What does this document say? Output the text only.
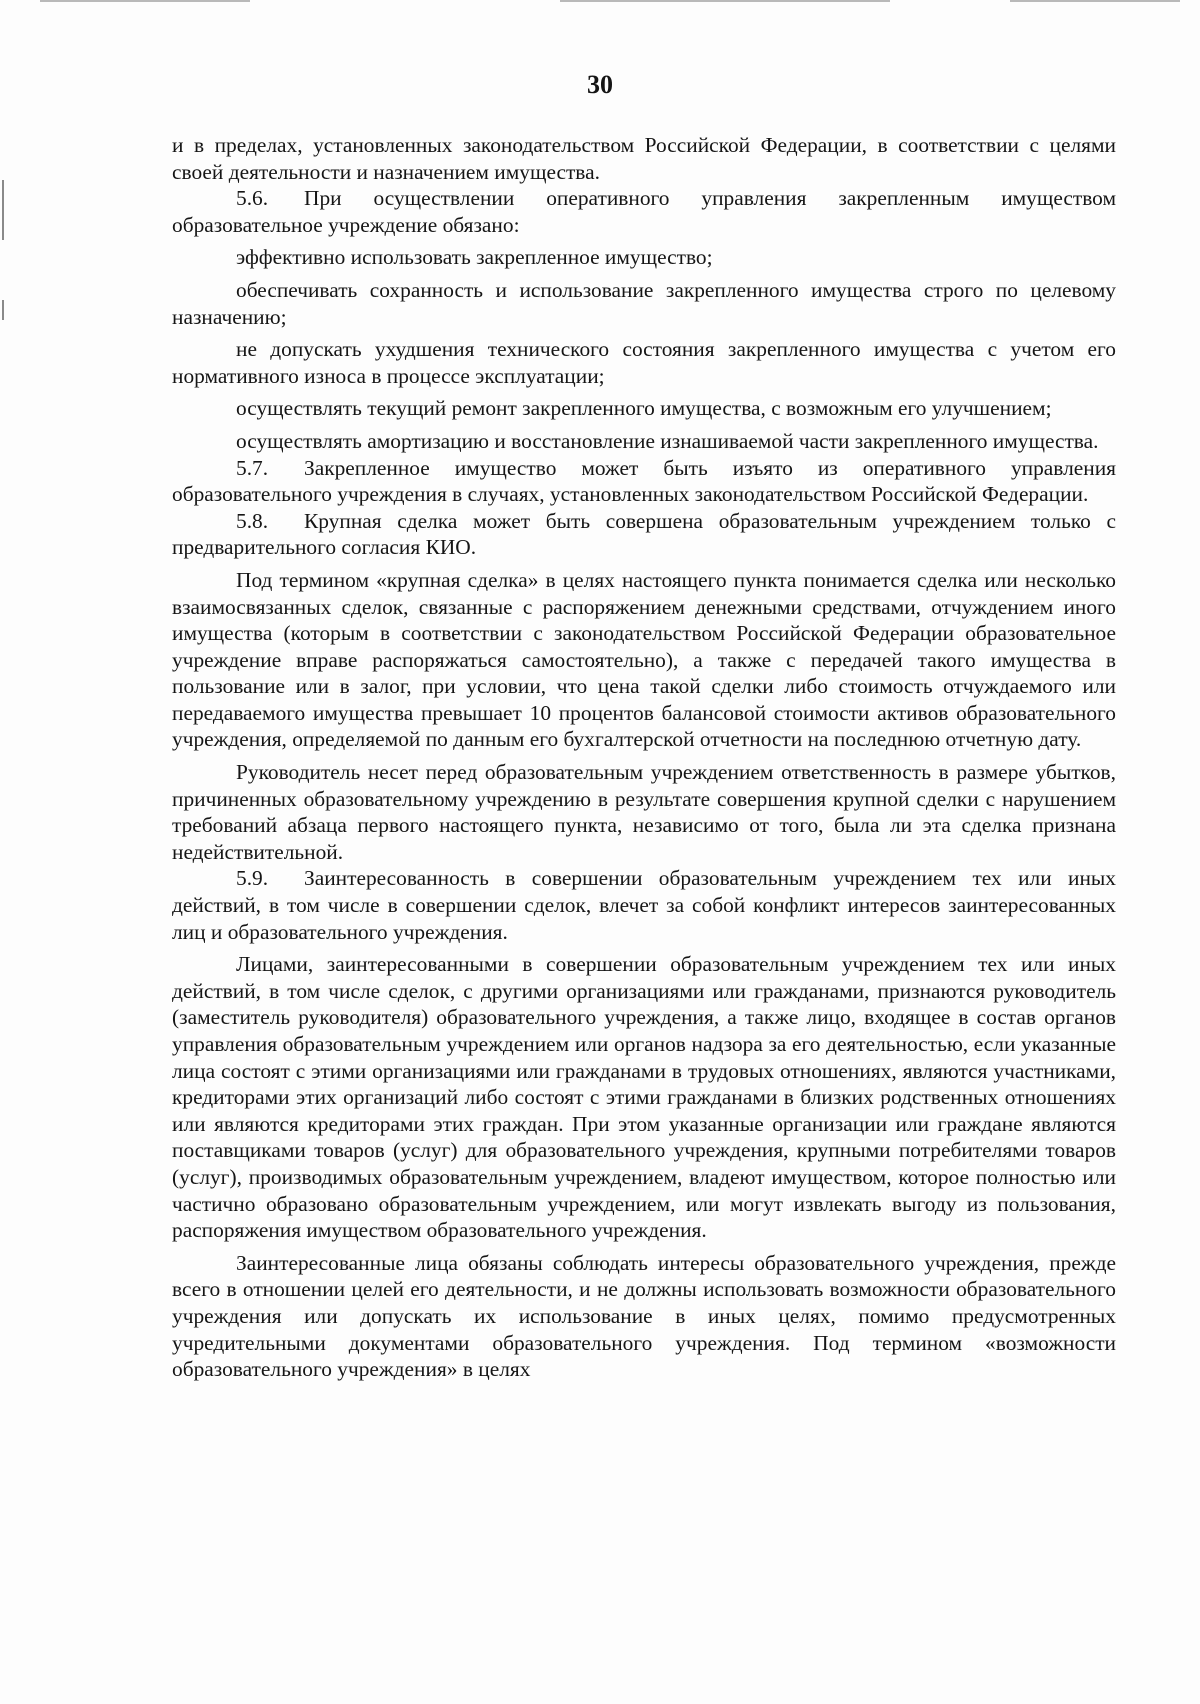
30

и в пределах, установленных законодательством Российской Федерации, в соответствии с целями своей деятельности и назначением имущества.

5.6. При осуществлении оперативного управления закрепленным имуществом образовательное учреждение обязано:

эффективно использовать закрепленное имущество;

обеспечивать сохранность и использование закрепленного имущества строго по целевому назначению;

не допускать ухудшения технического состояния закрепленного имущества с учетом его нормативного износа в процессе эксплуатации;

осуществлять текущий ремонт закрепленного имущества, с возможным его улучшением;

осуществлять амортизацию и восстановление изнашиваемой части закрепленного имущества.

5.7. Закрепленное имущество может быть изъято из оперативного управления образовательного учреждения в случаях, установленных законодательством Российской Федерации.

5.8. Крупная сделка может быть совершена образовательным учреждением только с предварительного согласия КИО.

Под термином «крупная сделка» в целях настоящего пункта понимается сделка или несколько взаимосвязанных сделок, связанные с распоряжением денежными средствами, отчуждением иного имущества (которым в соответствии с законодательством Российской Федерации образовательное учреждение вправе распоряжаться самостоятельно), а также с передачей такого имущества в пользование или в залог, при условии, что цена такой сделки либо стоимость отчуждаемого или передаваемого имущества превышает 10 процентов балансовой стоимости активов образовательного учреждения, определяемой по данным его бухгалтерской отчетности на последнюю отчетную дату.

Руководитель несет перед образовательным учреждением ответственность в размере убытков, причиненных образовательному учреждению в результате совершения крупной сделки с нарушением требований абзаца первого настоящего пункта, независимо от того, была ли эта сделка признана недействительной.

5.9. Заинтересованность в совершении образовательным учреждением тех или иных действий, в том числе в совершении сделок, влечет за собой конфликт интересов заинтересованных лиц и образовательного учреждения.

Лицами, заинтересованными в совершении образовательным учреждением тех или иных действий, в том числе сделок, с другими организациями или гражданами, признаются руководитель (заместитель руководителя) образовательного учреждения, а также лицо, входящее в состав органов управления образовательным учреждением или органов надзора за его деятельностью, если указанные лица состоят с этими организациями или гражданами в трудовых отношениях, являются участниками, кредиторами этих организаций либо состоят с этими гражданами в близких родственных отношениях или являются кредиторами этих граждан. При этом указанные организации или граждане являются поставщиками товаров (услуг) для образовательного учреждения, крупными потребителями товаров (услуг), производимых образовательным учреждением, владеют имуществом, которое полностью или частично образовано образовательным учреждением, или могут извлекать выгоду из пользования, распоряжения имуществом образовательного учреждения.

Заинтересованные лица обязаны соблюдать интересы образовательного учреждения, прежде всего в отношении целей его деятельности, и не должны использовать возможности образовательного учреждения или допускать их использование в иных целях, помимо предусмотренных учредительными документами образовательного учреждения. Под термином «возможности образовательного учреждения» в целях
